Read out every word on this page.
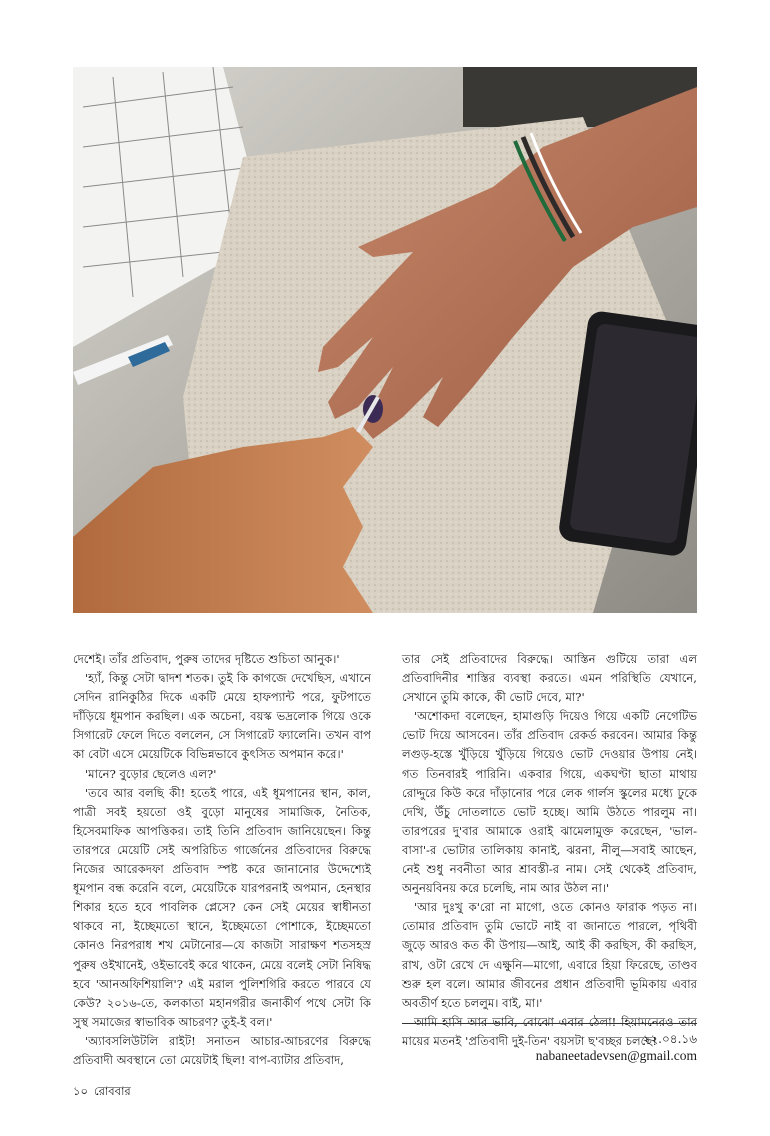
দেশেই। তাঁর প্রতিবাদ, পুরুষ তাদের দৃষ্টিতে শুচিতা আনুক।'

'হ্যাঁ, কিন্তু সেটা দ্বাদশ শতক। তুই কি কাগজে দেখেছিস, এখানে সেদিন রানিকুঠির দিকে একটি মেয়ে হাফপ্যান্ট পরে, ফুটপাতে দাঁড়িয়ে ধূমপান করছিল। এক অচেনা, বয়স্ক ভদ্রলোক গিয়ে ওকে সিগারেট ফেলে দিতে বললেন, সে সিগারেট ফ্যালেনি। তখন বাপ কা বেটা এসে মেয়েটিকে বিভিন্নভাবে কুৎসিত অপমান করে।'

'মানে? বুড়োর ছেলেও এল?'

'তবে আর বলছি কী! হতেই পারে, এই ধূমপানের স্থান, কাল, পাত্রী সবই হয়তো ওই বুড়ো মানুষের সামাজিক, নৈতিক, হিসেবমাফিক আপত্তিকর। তাই তিনি প্রতিবাদ জানিয়েছেন। কিন্তু তারপরে মেয়েটি সেই অপরিচিত গার্জেনের প্রতিবাদের বিরুদ্ধে নিজের আরেকদফা প্রতিবাদ স্পষ্ট করে জানানোর উদ্দেশ্যেই ধূমপান বন্ধ করেনি বলে, মেয়েটিকে যারপরনাই অপমান, হেনস্থার শিকার হতে হবে পাবলিক প্লেসে? কেন সেই মেয়ের স্বাধীনতা থাকবে না, ইচ্ছেমতো স্থানে, ইচ্ছেমতো পোশাকে, ইচ্ছেমতো কোনও নিরপরাধ শখ মেটানোর—যে কাজটা সারাক্ষণ শতসহস্র পুরুষ ওইখানেই, ওইভাবেই করে থাকেন, মেয়ে বলেই সেটা নিষিদ্ধ হবে 'আনঅফিশিয়ালি'? এই মরাল পুলিশগিরি করতে পারবে যে কেউ? ২০১৬-তে, কলকাতা মহানগরীর জনাকীর্ণ পথে সেটা কি সুস্থ সমাজের স্বাভাবিক আচরণ? তুই-ই বল।'

'অ্যাবসলিউটলি রাইট! সনাতন আচার-আচরণের বিরুদ্ধে প্রতিবাদী অবস্থানে তো মেয়েটাই ছিল! বাপ-ব্যাটার প্রতিবাদ,

তার সেই প্রতিবাদের বিরুদ্ধে। আস্তিন গুটিয়ে তারা এল প্রতিবাদিনীর শাস্তির ব্যবস্থা করতে। এমন পরিস্থিতি যেখানে, সেখানে তুমি কাকে, কী ভোট দেবে, মা?'

'অশোকদা বলেছেন, হামাগুড়ি দিয়েও গিয়ে একটি নেগেটিভ ভোট দিয়ে আসবেন। তাঁর প্রতিবাদ রেকর্ড করবেন। আমার কিন্তু লগুড়-হস্তে খুঁড়িয়ে খুঁড়িয়ে গিয়েও ভোট দেওয়ার উপায় নেই। গত তিনবারই পারিনি। একবার গিয়ে, একঘণ্টা ছাতা মাথায় রোদ্দুরে কিউ করে দাঁড়ানোর পরে লেক গার্লস স্কুলের মধ্যে ঢুকে দেখি, উঁচু দোতলাতে ভোট হচ্ছে। আমি উঠতে পারলুম না। তারপরের দু'বার আমাকে ওরাই ঝামেলামুক্ত করেছেন, 'ভাল-বাসা'-র ভোটার তালিকায় কানাই, ঝরনা, নীলু—সবাই আছেন, নেই শুধু নবনীতা আর শ্রাবস্তী-র নাম। সেই থেকেই প্রতিবাদ, অনুনয়বিনয় করে চলেছি, নাম আর উঠল না।'

'আর দুঃখু ক'রো না মাগো, ওতে কোনও ফারাক পড়ত না। তোমার প্রতিবাদ তুমি ভোটে নাই বা জানাতে পারলে, পৃথিবী জুড়ে আরও কত কী উপায়—আই, আই কী করছিস, কী করছিস, রাখ, ওটা রেখে দে এক্ষুনি—মাগো, এবারে হিয়া ফিরেছে, তাণ্ডব শুরু হল বলে। আমার জীবনের প্রধান প্রতিবাদী ভূমিকায় এবার অবতীর্ণ হতে চললুম। বাই, মা।'

আমি হাসি আর ভাবি, বোঝো এবার ঠেলা! হিয়ামনেরও তার মায়ের মতনই 'প্রতিবাদী দুই-তিন' বয়সটা ছ'বচ্ছর চলছে!

২২.০৪.১৬
nabaneetadevsen@gmail.com
১০ রোববার
